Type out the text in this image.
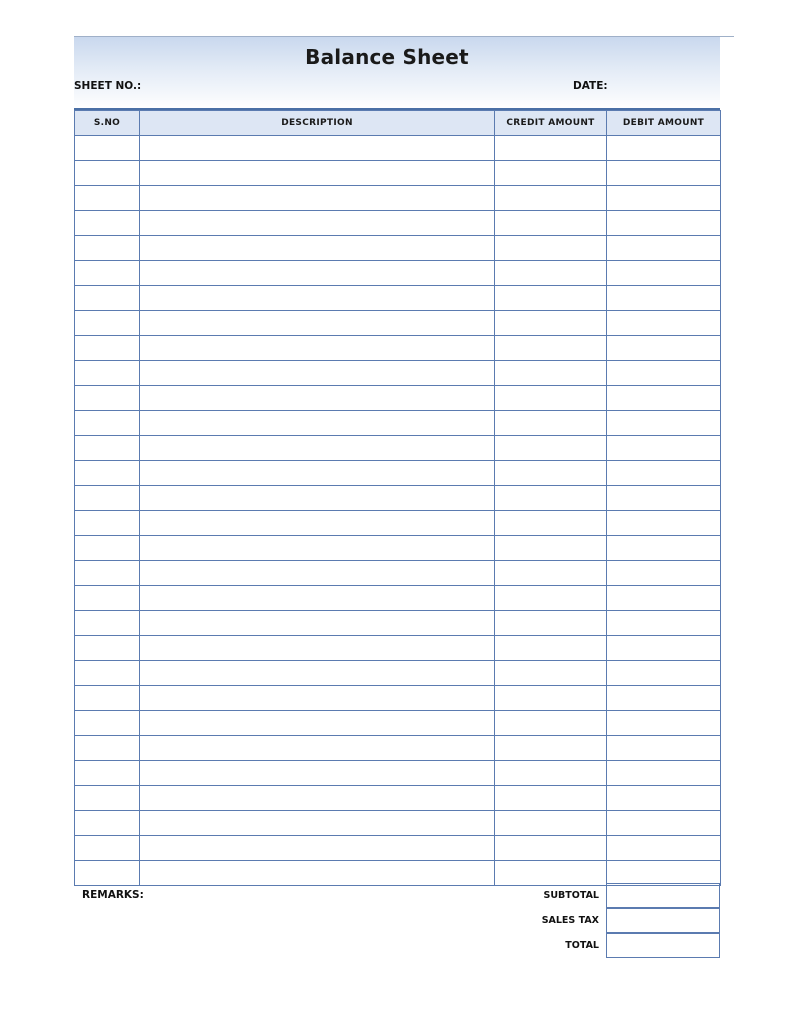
Balance Sheet
SHEET NO.:	DATE:
S.NO	DESCRIPTION	CREDIT AMOUNT	DEBIT AMOUNT

REMARKS:	SUBTOTAL
SALES TAX
TOTAL
